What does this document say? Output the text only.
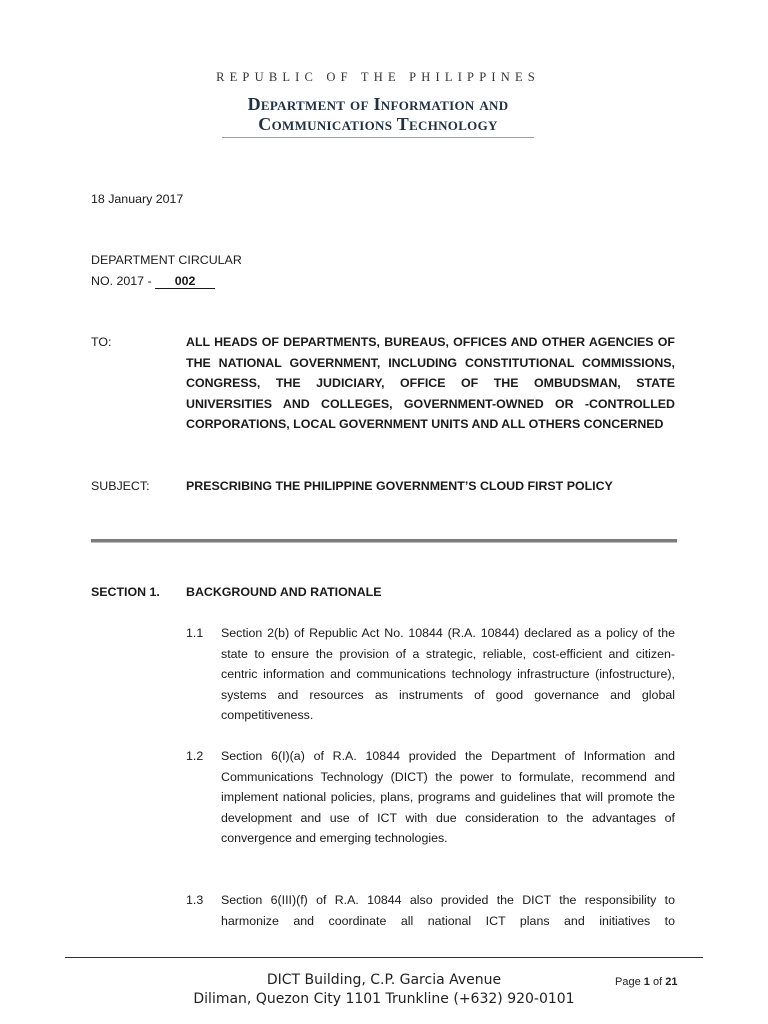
REPUBLIC OF THE PHILIPPINES
Department of Information and
Communications Technology
18 January 2017
DEPARTMENT CIRCULAR
NO. 2017 - 002
TO:	ALL HEADS OF DEPARTMENTS, BUREAUS, OFFICES AND OTHER AGENCIES OF THE NATIONAL GOVERNMENT, INCLUDING CONSTITUTIONAL COMMISSIONS, CONGRESS, THE JUDICIARY, OFFICE OF THE OMBUDSMAN, STATE UNIVERSITIES AND COLLEGES, GOVERNMENT-OWNED OR -CONTROLLED CORPORATIONS, LOCAL GOVERNMENT UNITS AND ALL OTHERS CONCERNED
SUBJECT:	PRESCRIBING THE PHILIPPINE GOVERNMENT’S CLOUD FIRST POLICY
SECTION 1. BACKGROUND AND RATIONALE
1.1 Section 2(b) of Republic Act No. 10844 (R.A. 10844) declared as a policy of the state to ensure the provision of a strategic, reliable, cost-efficient and citizen-centric information and communications technology infrastructure (infostructure), systems and resources as instruments of good governance and global competitiveness.
1.2 Section 6(I)(a) of R.A. 10844 provided the Department of Information and Communications Technology (DICT) the power to formulate, recommend and implement national policies, plans, programs and guidelines that will promote the development and use of ICT with due consideration to the advantages of convergence and emerging technologies.
1.3 Section 6(III)(f) of R.A. 10844 also provided the DICT the responsibility to harmonize and coordinate all national ICT plans and initiatives to
DICT Building, C.P. Garcia Avenue
Diliman, Quezon City 1101 Trunkline (+632) 920-0101
Page 1 of 21
